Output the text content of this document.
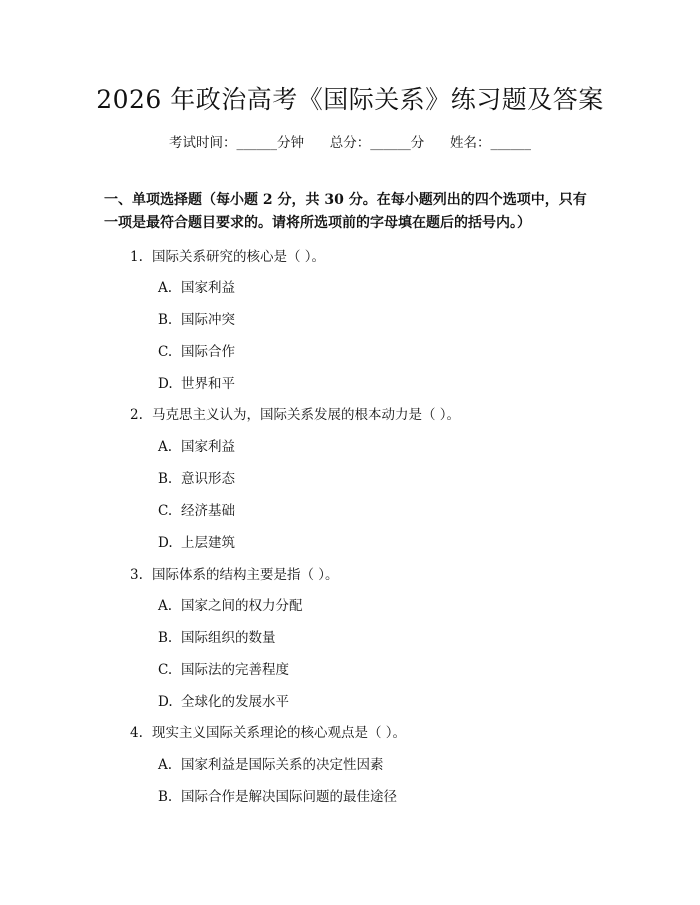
2026 年政治高考《国际关系》练习题及答案
考试时间：______分钟 总分：______分 姓名：______
一、单项选择题（每小题 2 分，共 30 分。在每小题列出的四个选项中，只有一项是最符合题目要求的。请将所选项前的字母填在题后的括号内。）
1. 国际关系研究的核心是（ ）。
A. 国家利益
B. 国际冲突
C. 国际合作
D. 世界和平
2. 马克思主义认为，国际关系发展的根本动力是（ ）。
A. 国家利益
B. 意识形态
C. 经济基础
D. 上层建筑
3. 国际体系的结构主要是指（ ）。
A. 国家之间的权力分配
B. 国际组织的数量
C. 国际法的完善程度
D. 全球化的发展水平
4. 现实主义国际关系理论的核心观点是（ ）。
A. 国家利益是国际关系的决定性因素
B. 国际合作是解决国际问题的最佳途径
